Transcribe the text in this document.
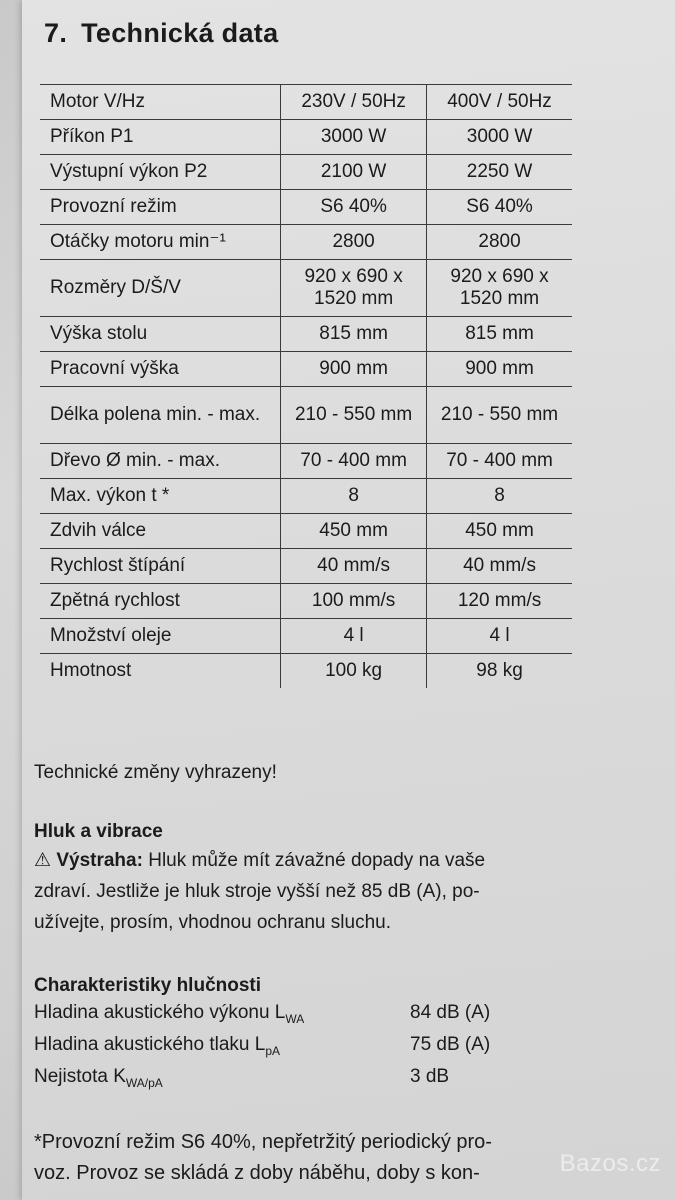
7. Technická data
Motor V/Hz	230V / 50Hz	400V / 50Hz
Příkon P1	3000 W	3000 W
Výstupní výkon P2	2100 W	2250 W
Provozní režim	S6 40%	S6 40%
Otáčky motoru min⁻¹	2800	2800
Rozměry D/Š/V	920 x 690 x 1520 mm	920 x 690 x 1520 mm
Výška stolu	815 mm	815 mm
Pracovní výška	900 mm	900 mm
Délka polena min. - max.	210 - 550 mm	210 - 550 mm
Dřevo Ø min. - max.	70 - 400 mm	70 - 400 mm
Max. výkon t *	8	8
Zdvih válce	450 mm	450 mm
Rychlost štípání	40 mm/s	40 mm/s
Zpětná rychlost	100 mm/s	120 mm/s
Množství oleje	4 l	4 l
Hmotnost	100 kg	98 kg

Technické změny vyhrazeny!

Hluk a vibrace

⚠ Výstraha: Hluk může mít závažné dopady na vaše
zdraví. Jestliže je hluk stroje vyšší než 85 dB (A), po-
užívejte, prosím, vhodnou ochranu sluchu.

Charakteristiky hlučnosti

Hladina akustického výkonu $L_{WA}$	84 dB (A)
Hladina akustického tlaku $L_{pA}$	75 dB (A)
Nejistota $K_{WA/pA}$	3 dB

*Provozní režim S6 40%, nepřetržitý periodický pro-
voz. Provoz se skládá z doby náběhu, doby s kon-	Bazos.cz
